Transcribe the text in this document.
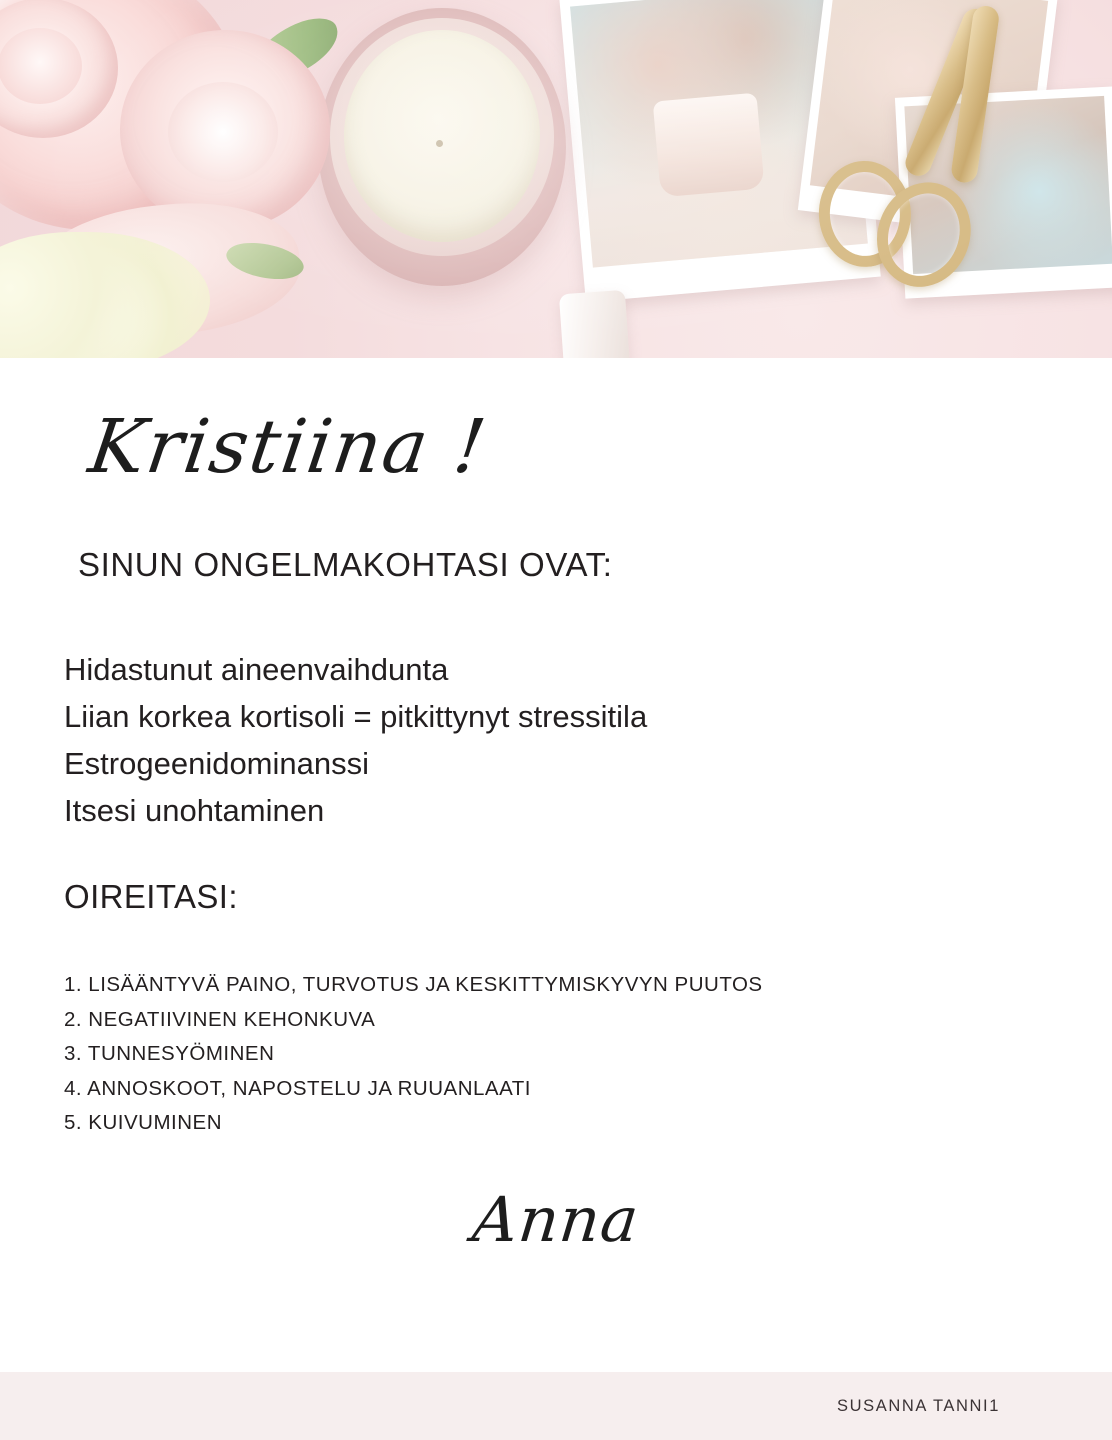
Kristiina !
SINUN ONGELMAKOHTASI OVAT:
Hidastunut aineenvaihdunta
Liian korkea kortisoli = pitkittynyt stressitila
Estrogeenidominanssi
Itsesi unohtaminen
OIREITASI:
1. LISÄÄNTYVÄ PAINO, TURVOTUS JA KESKITTYMISKYVYN PUUTOS
2. NEGATIIVINEN KEHONKUVA
3. TUNNESYÖMINEN
4. ANNOSKOOT, NAPOSTELU JA RUUANLAATI
5. KUIVUMINEN
Anna
SUSANNA TANNI1
